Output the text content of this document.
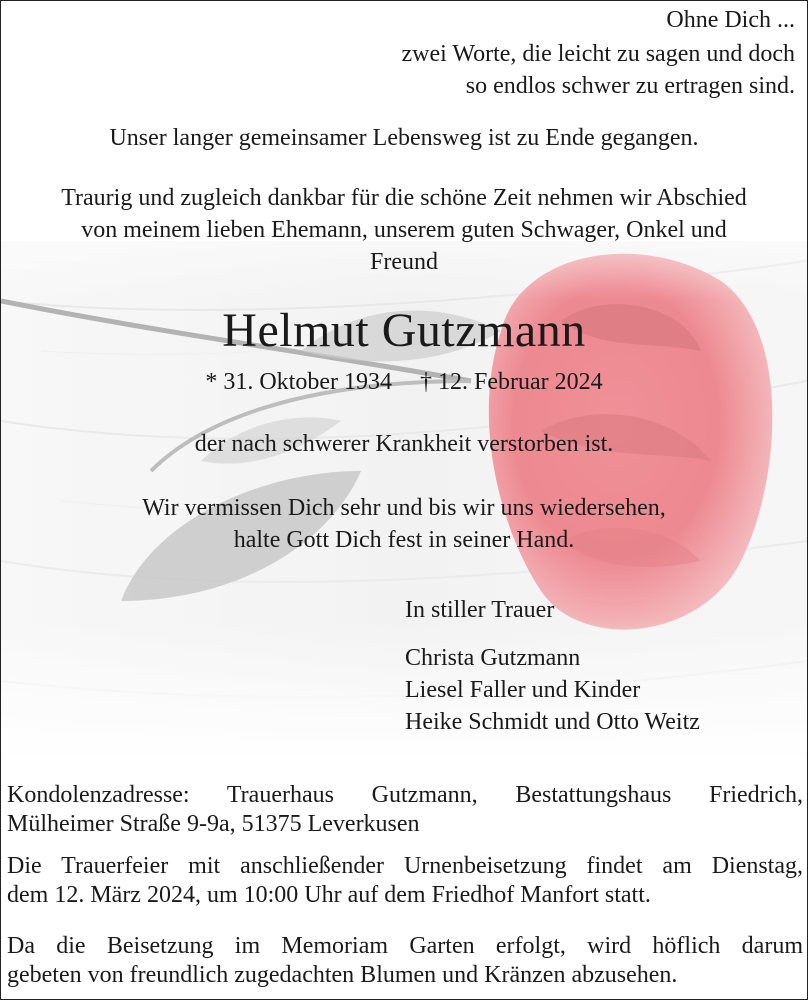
Ohne Dich ...

zwei Worte, die leicht zu sagen und doch

so endlos schwer zu ertragen sind.

Unser langer gemeinsamer Lebensweg ist zu Ende gegangen.

Traurig und zugleich dankbar für die schöne Zeit nehmen wir Abschied

von meinem lieben Ehemann, unserem guten Schwager, Onkel und

Freund

Helmut Gutzmann

* 31. Oktober 1934 † 12. Februar 2024

der nach schwerer Krankheit verstorben ist.

Wir vermissen Dich sehr und bis wir uns wiedersehen,

halte Gott Dich fest in seiner Hand.

In stiller Trauer

Christa Gutzmann

Liesel Faller und Kinder

Heike Schmidt und Otto Weitz

Kondolenzadresse: Trauerhaus Gutzmann, Bestattungshaus Friedrich,

Mülheimer Straße 9-9a, 51375 Leverkusen

Die Trauerfeier mit anschließender Urnenbeisetzung findet am Dienstag,

dem 12. März 2024, um 10:00 Uhr auf dem Friedhof Manfort statt.

Da die Beisetzung im Memoriam Garten erfolgt, wird höflich darum

gebeten von freundlich zugedachten Blumen und Kränzen abzusehen.
